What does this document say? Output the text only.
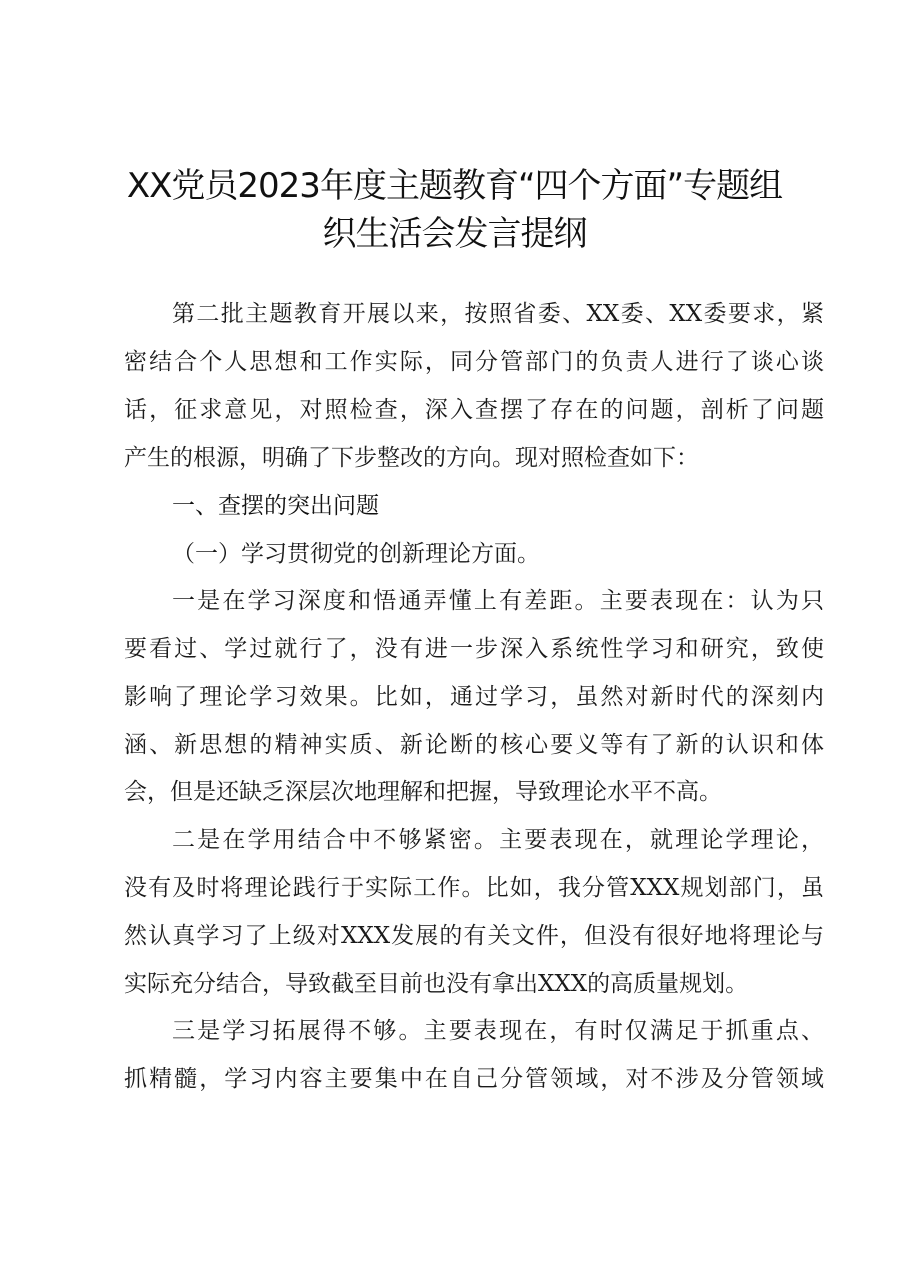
XX党员2023年度主题教育“四个方面”专题组
织生活会发言提纲
第二批主题教育开展以来，按照省委、XX委、XX委要求，紧
密结合个人思想和工作实际，同分管部门的负责人进行了谈心谈
话，征求意见，对照检查，深入查摆了存在的问题，剖析了问题
产生的根源，明确了下步整改的方向。现对照检查如下：
一、查摆的突出问题
（一）学习贯彻党的创新理论方面。
一是在学习深度和悟通弄懂上有差距。主要表现在：认为只
要看过、学过就行了，没有进一步深入系统性学习和研究，致使
影响了理论学习效果。比如，通过学习，虽然对新时代的深刻内
涵、新思想的精神实质、新论断的核心要义等有了新的认识和体
会，但是还缺乏深层次地理解和把握，导致理论水平不高。
二是在学用结合中不够紧密。主要表现在，就理论学理论，
没有及时将理论践行于实际工作。比如，我分管XXX规划部门，虽
然认真学习了上级对XXX发展的有关文件，但没有很好地将理论与
实际充分结合，导致截至目前也没有拿出XXX的高质量规划。
三是学习拓展得不够。主要表现在，有时仅满足于抓重点、
抓精髓，学习内容主要集中在自己分管领域，对不涉及分管领域
